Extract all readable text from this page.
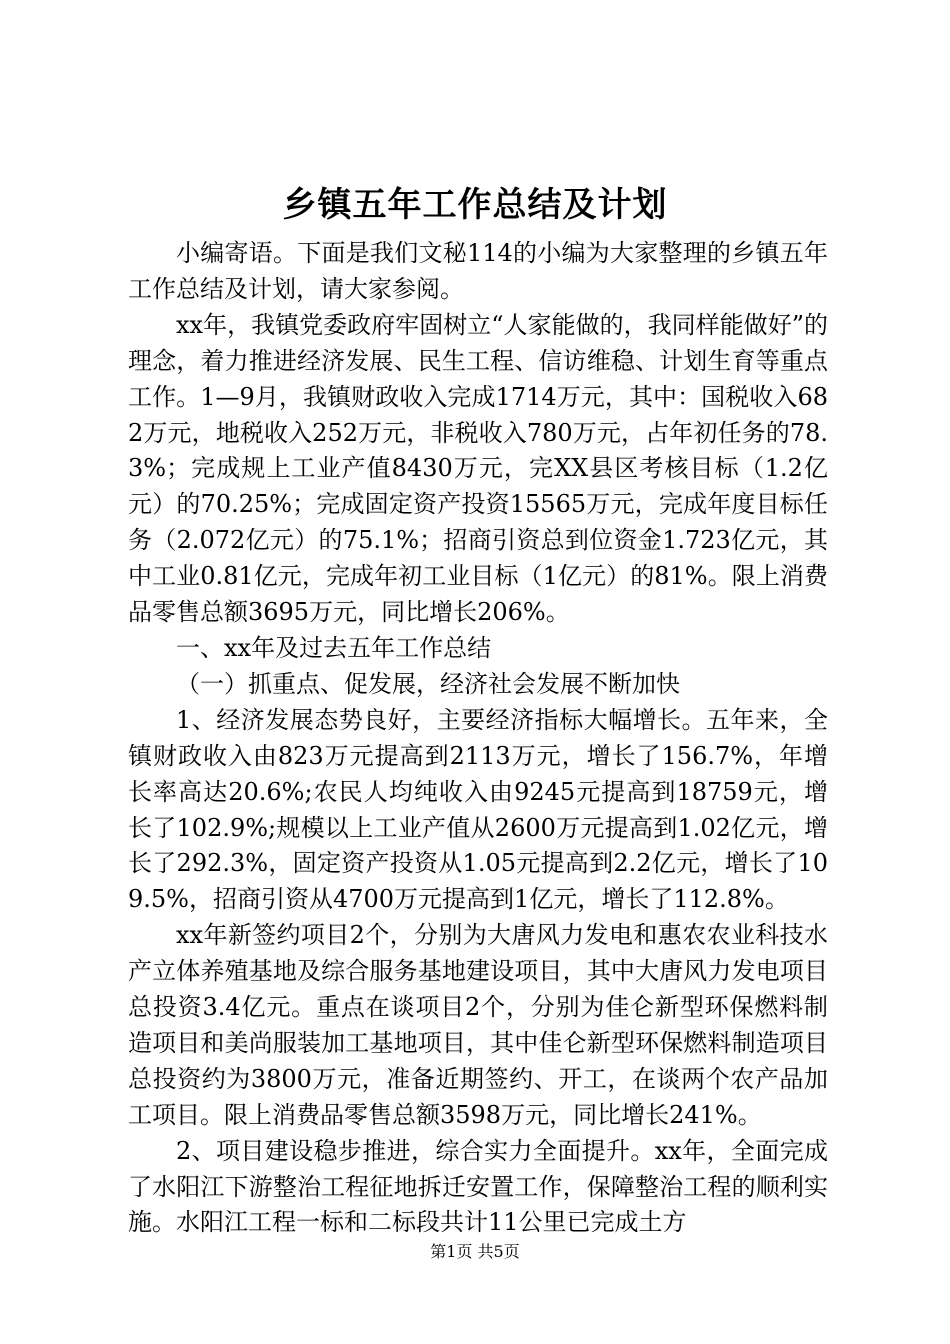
乡镇五年工作总结及计划

小编寄语。下面是我们文秘114的小编为大家整理的乡镇五年工作总结及计划，请大家参阅。

xx年，我镇党委政府牢固树立“人家能做的，我同样能做好”的理念，着力推进经济发展、民生工程、信访维稳、计划生育等重点工作。1—9月，我镇财政收入完成1714万元，其中：国税收入682万元，地税收入252万元，非税收入780万元，占年初任务的78.3%；完成规上工业产值8430万元，完XX县区考核目标（1.2亿元）的70.25%；完成固定资产投资15565万元，完成年度目标任务（2.072亿元）的75.1%；招商引资总到位资金1.723亿元，其中工业0.81亿元，完成年初工业目标（1亿元）的81%。限上消费品零售总额3695万元，同比增长206%。

一、xx年及过去五年工作总结

（一）抓重点、促发展，经济社会发展不断加快

1、经济发展态势良好，主要经济指标大幅增长。五年来，全镇财政收入由823万元提高到2113万元，增长了156.7%，年增长率高达20.6%;农民人均纯收入由9245元提高到18759元，增长了102.9%;规模以上工业产值从2600万元提高到1.02亿元，增长了292.3%，固定资产投资从1.05元提高到2.2亿元，增长了109.5%，招商引资从4700万元提高到1亿元，增长了112.8%。

xx年新签约项目2个，分别为大唐风力发电和惠农农业科技水产立体养殖基地及综合服务基地建设项目，其中大唐风力发电项目总投资3.4亿元。重点在谈项目2个，分别为佳仑新型环保燃料制造项目和美尚服装加工基地项目，其中佳仑新型环保燃料制造项目总投资约为3800万元，准备近期签约、开工，在谈两个农产品加工项目。限上消费品零售总额3598万元，同比增长241%。

2、项目建设稳步推进，综合实力全面提升。xx年，全面完成了水阳江下游整治工程征地拆迁安置工作，保障整治工程的顺利实施。水阳江工程一标和二标段共计11公里已完成土方

第1页 共5页
